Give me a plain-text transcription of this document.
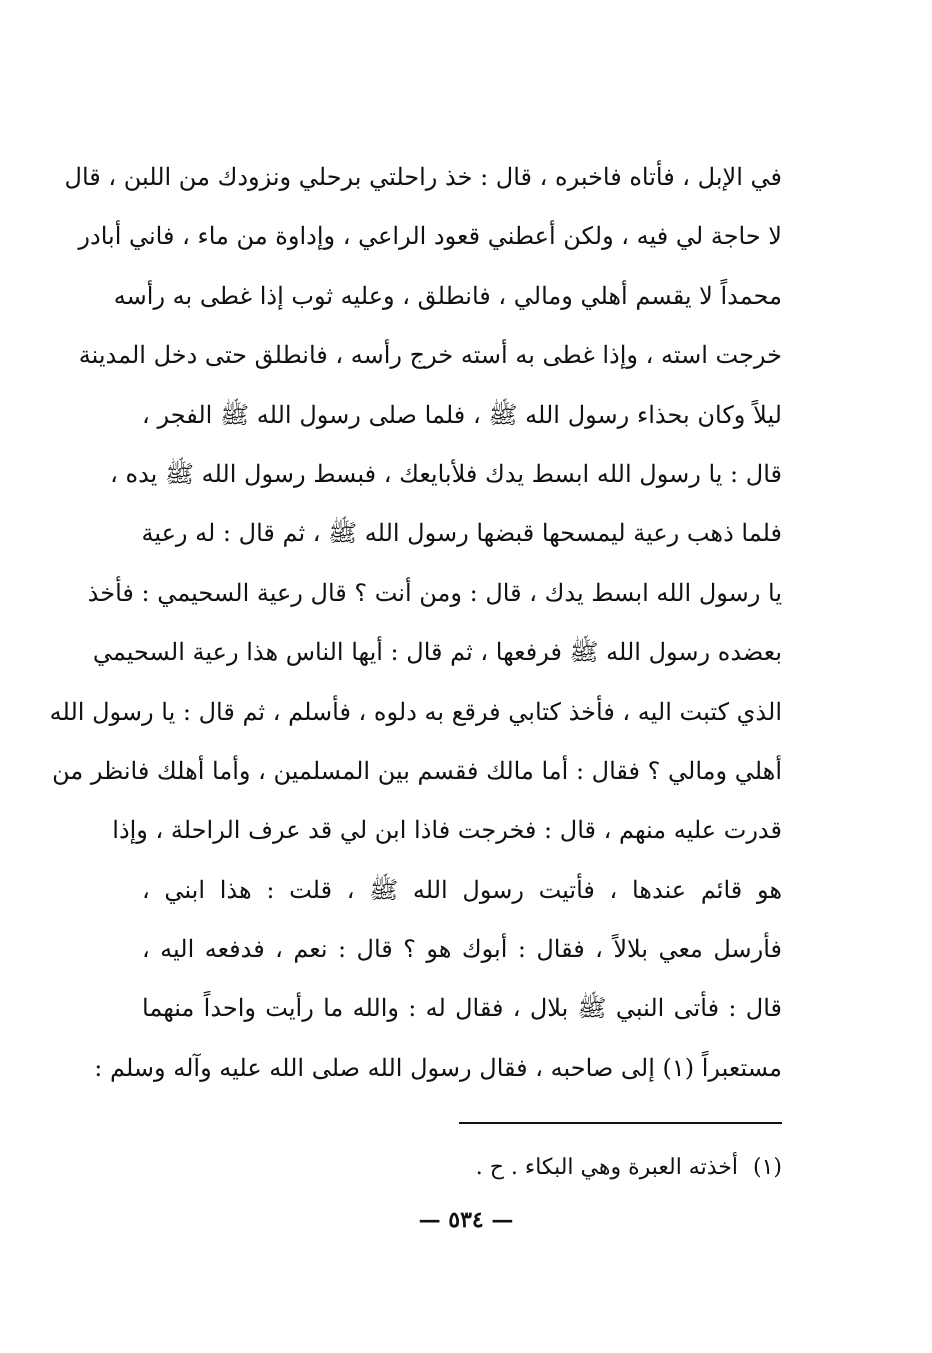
في الإبل ، فأتاه فاخبره ، قال : خذ راحلتي برحلي ونزودك من اللبن ، قال
لا حاجة لي فيه ، ولكن أعطني قعود الراعي ، وإداوة من ماء ، فاني أبادر
محمداً لا يقسم أهلي ومالي ، فانطلق ، وعليه ثوب إذا غطى به رأسه
خرجت استه ، وإذا غطى به أسته خرج رأسه ، فانطلق حتى دخل المدينة
ليلاً وكان بحذاء رسول الله ﷺ ، فلما صلى رسول الله ﷺ الفجر ،
قال : يا رسول الله ابسط يدك فلأبايعك ، فبسط رسول الله ﷺ يده ،
فلما ذهب رعية ليمسحها قبضها رسول الله ﷺ ، ثم قال : له رعية
يا رسول الله ابسط يدك ، قال : ومن أنت ؟ قال رعية السحيمي : فأخذ
بعضده رسول الله ﷺ فرفعها ، ثم قال : أيها الناس هذا رعية السحيمي
الذي كتبت اليه ، فأخذ كتابي فرقع به دلوه ، فأسلم ، ثم قال : يا رسول الله
أهلي ومالي ؟ فقال : أما مالك فقسم بين المسلمين ، وأما أهلك فانظر من
قدرت عليه منهم ، قال : فخرجت فاذا ابن لي قد عرف الراحلة ، وإذا
هو قائم عندها ، فأتيت رسول الله ﷺ ، قلت : هذا ابني ،
فأرسل معي بلالاً ، فقال : أبوك هو ؟ قال : نعم ، فدفعه اليه ،
قال : فأتى النبي ﷺ بلال ، فقال له : والله ما رأيت واحداً منهما
مستعبراً (١) إلى صاحبه ، فقال رسول الله صلى الله عليه وآله وسلم :
(١) أخذته العبرة وهي البكاء . ح .
— ٥٣٤ —
